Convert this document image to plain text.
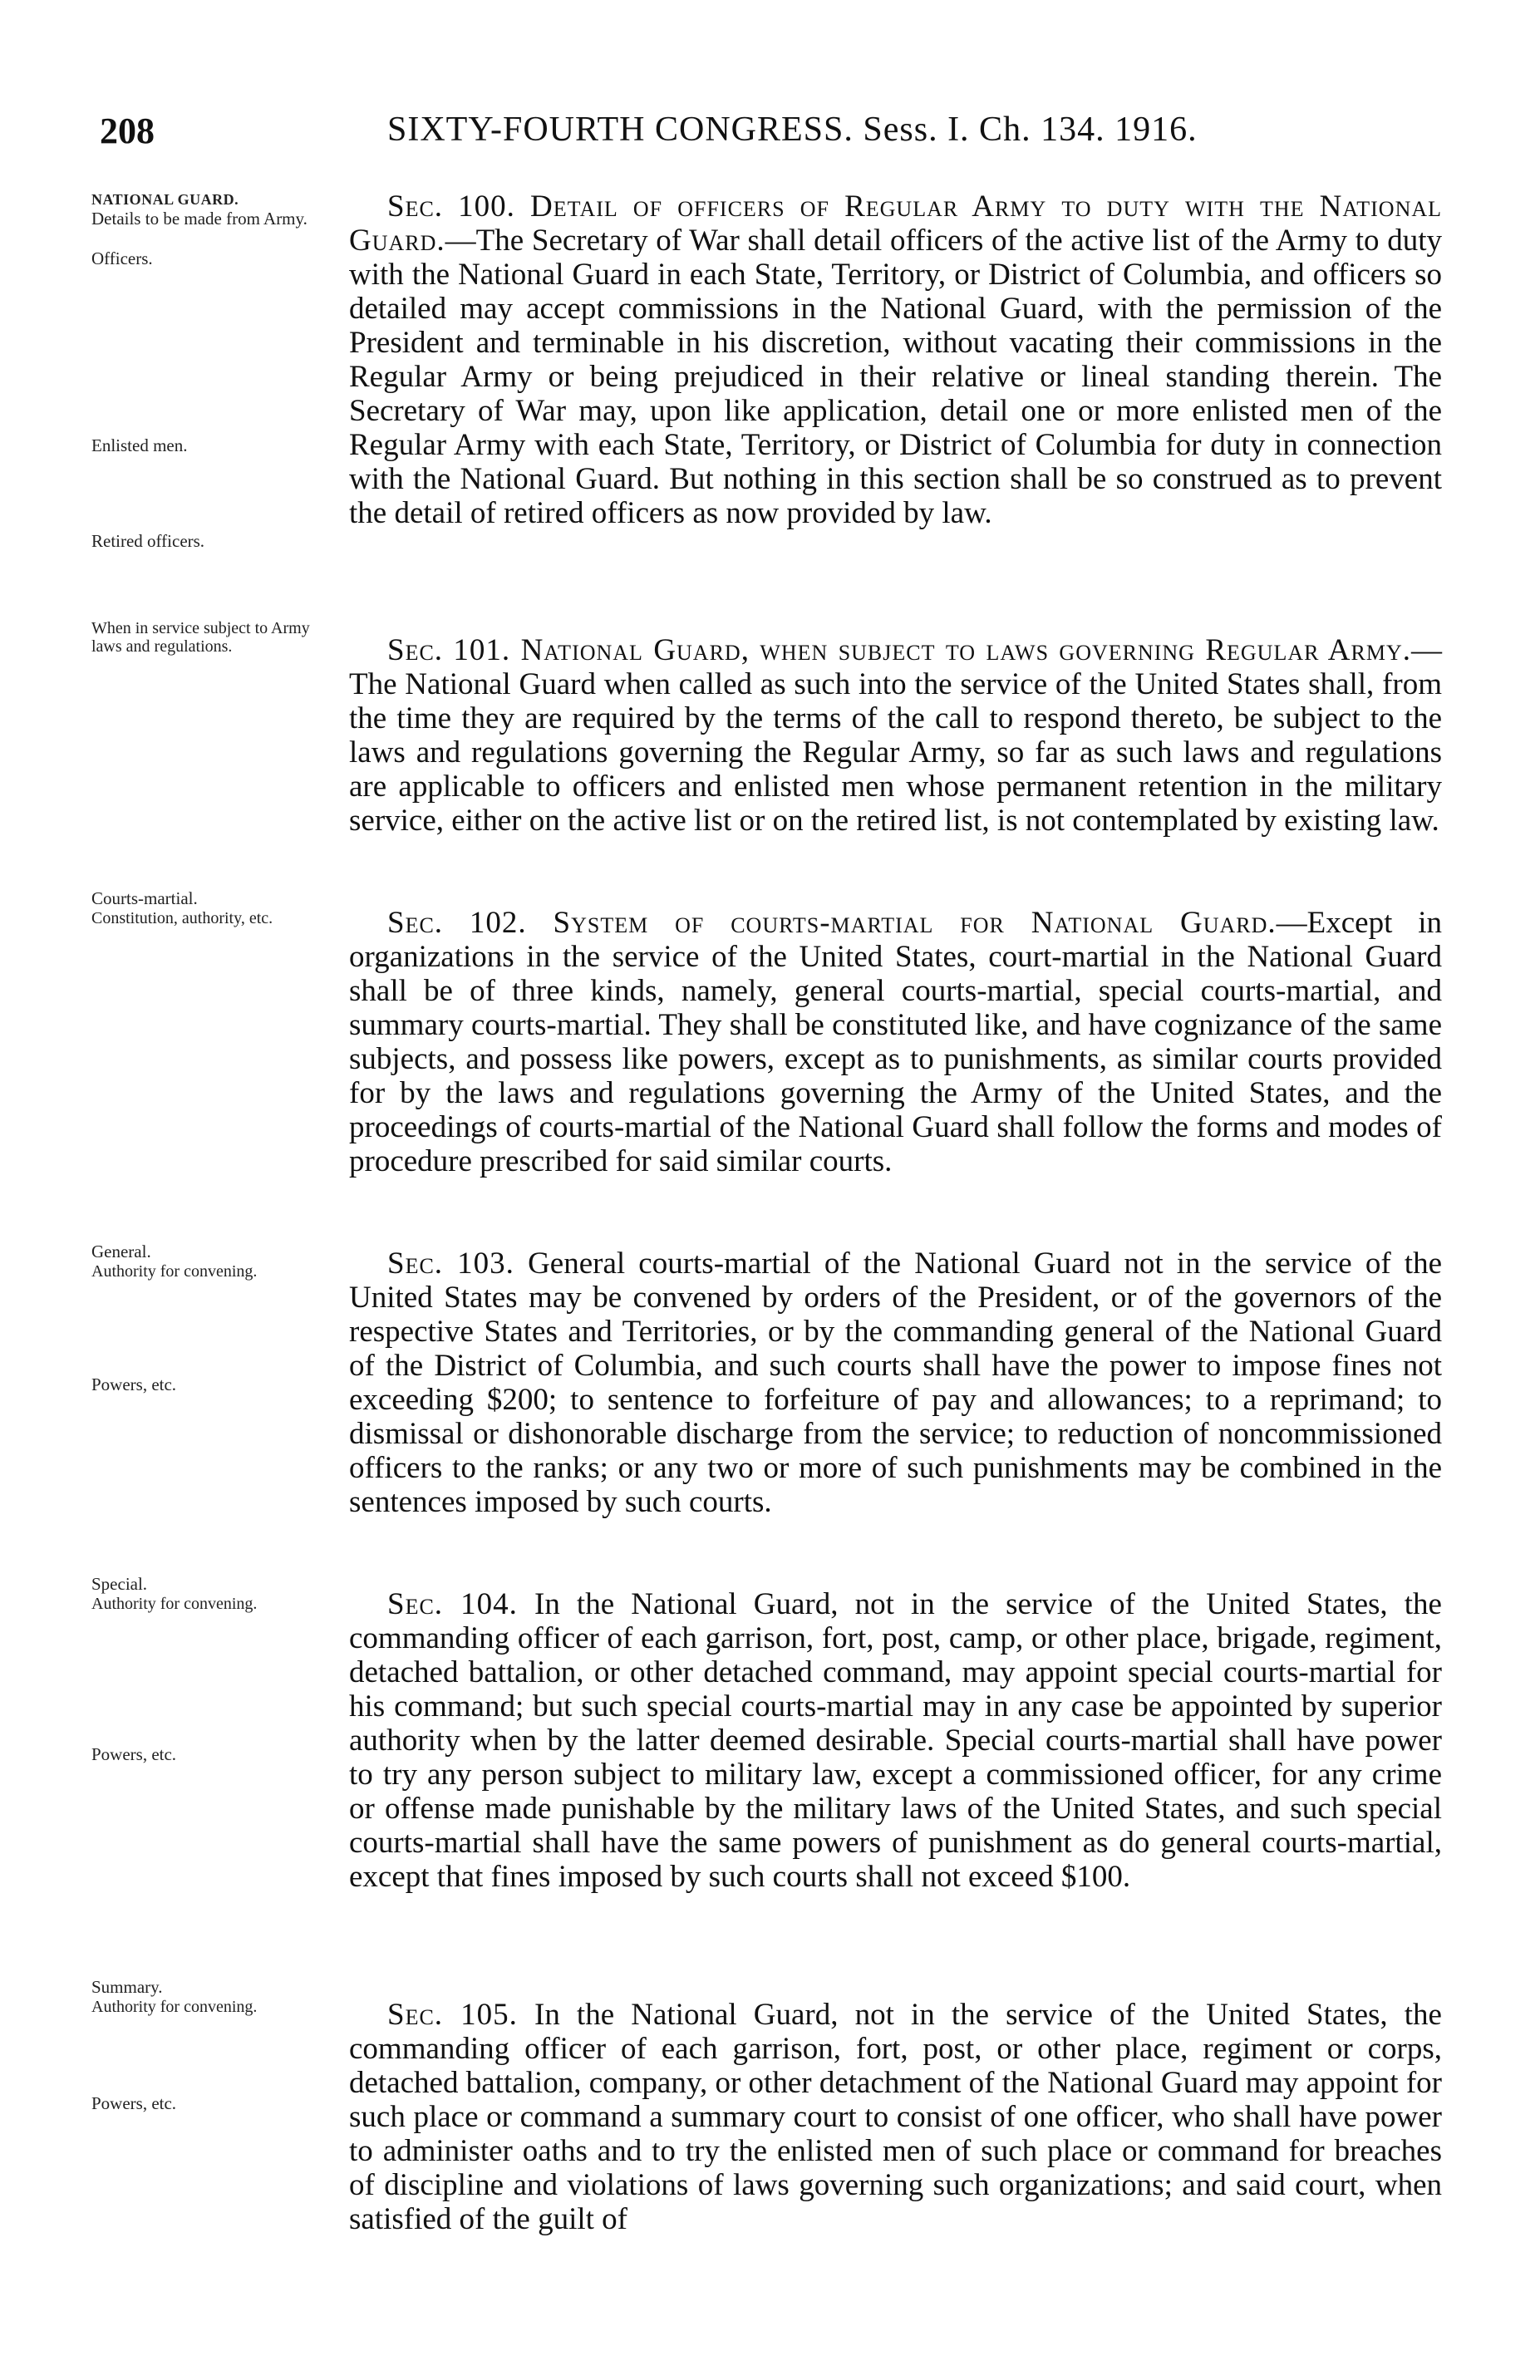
208	SIXTY-FOURTH CONGRESS. Sess. I. Ch. 134. 1916.

NATIONAL GUARD.

Details to be made from Army.

Officers.

Enlisted men.

Retired officers.

When in service subject to Army laws and regulations.

Courts-martial.

Constitution, authority, etc.

General.

Authority for convening.

Powers, etc.

Special.

Authority for convening.

Powers, etc.

Summary.

Authority for convening.

Powers, etc.

Sec. 100. Detail of officers of Regular Army to duty with the National Guard.—The Secretary of War shall detail officers of the active list of the Army to duty with the National Guard in each State, Territory, or District of Columbia, and officers so detailed may accept commissions in the National Guard, with the permission of the President and terminable in his discretion, without vacating their commissions in the Regular Army or being prejudiced in their relative or lineal standing therein. The Secretary of War may, upon like application, detail one or more enlisted men of the Regular Army with each State, Territory, or District of Columbia for duty in connection with the National Guard. But nothing in this section shall be so construed as to prevent the detail of retired officers as now provided by law.

Sec. 101. National Guard, when subject to laws governing Regular Army.—The National Guard when called as such into the service of the United States shall, from the time they are required by the terms of the call to respond thereto, be subject to the laws and regulations governing the Regular Army, so far as such laws and regulations are applicable to officers and enlisted men whose permanent retention in the military service, either on the active list or on the retired list, is not contemplated by existing law.

Sec. 102. System of courts-martial for National Guard.—Except in organizations in the service of the United States, court-martial in the National Guard shall be of three kinds, namely, general courts-martial, special courts-martial, and summary courts-martial. They shall be constituted like, and have cognizance of the same subjects, and possess like powers, except as to punishments, as similar courts provided for by the laws and regulations governing the Army of the United States, and the proceedings of courts-martial of the National Guard shall follow the forms and modes of procedure prescribed for said similar courts.

Sec. 103. General courts-martial of the National Guard not in the service of the United States may be convened by orders of the President, or of the governors of the respective States and Territories, or by the commanding general of the National Guard of the District of Columbia, and such courts shall have the power to impose fines not exceeding $200; to sentence to forfeiture of pay and allowances; to a reprimand; to dismissal or dishonorable discharge from the service; to reduction of noncommissioned officers to the ranks; or any two or more of such punishments may be combined in the sentences imposed by such courts.

Sec. 104. In the National Guard, not in the service of the United States, the commanding officer of each garrison, fort, post, camp, or other place, brigade, regiment, detached battalion, or other detached command, may appoint special courts-martial for his command; but such special courts-martial may in any case be appointed by superior authority when by the latter deemed desirable. Special courts-martial shall have power to try any person subject to military law, except a commissioned officer, for any crime or offense made punishable by the military laws of the United States, and such special courts-martial shall have the same powers of punishment as do general courts-martial, except that fines imposed by such courts shall not exceed $100.

Sec. 105. In the National Guard, not in the service of the United States, the commanding officer of each garrison, fort, post, or other place, regiment or corps, detached battalion, company, or other detachment of the National Guard may appoint for such place or command a summary court to consist of one officer, who shall have power to administer oaths and to try the enlisted men of such place or command for breaches of discipline and violations of laws governing such organizations; and said court, when satisfied of the guilt of
